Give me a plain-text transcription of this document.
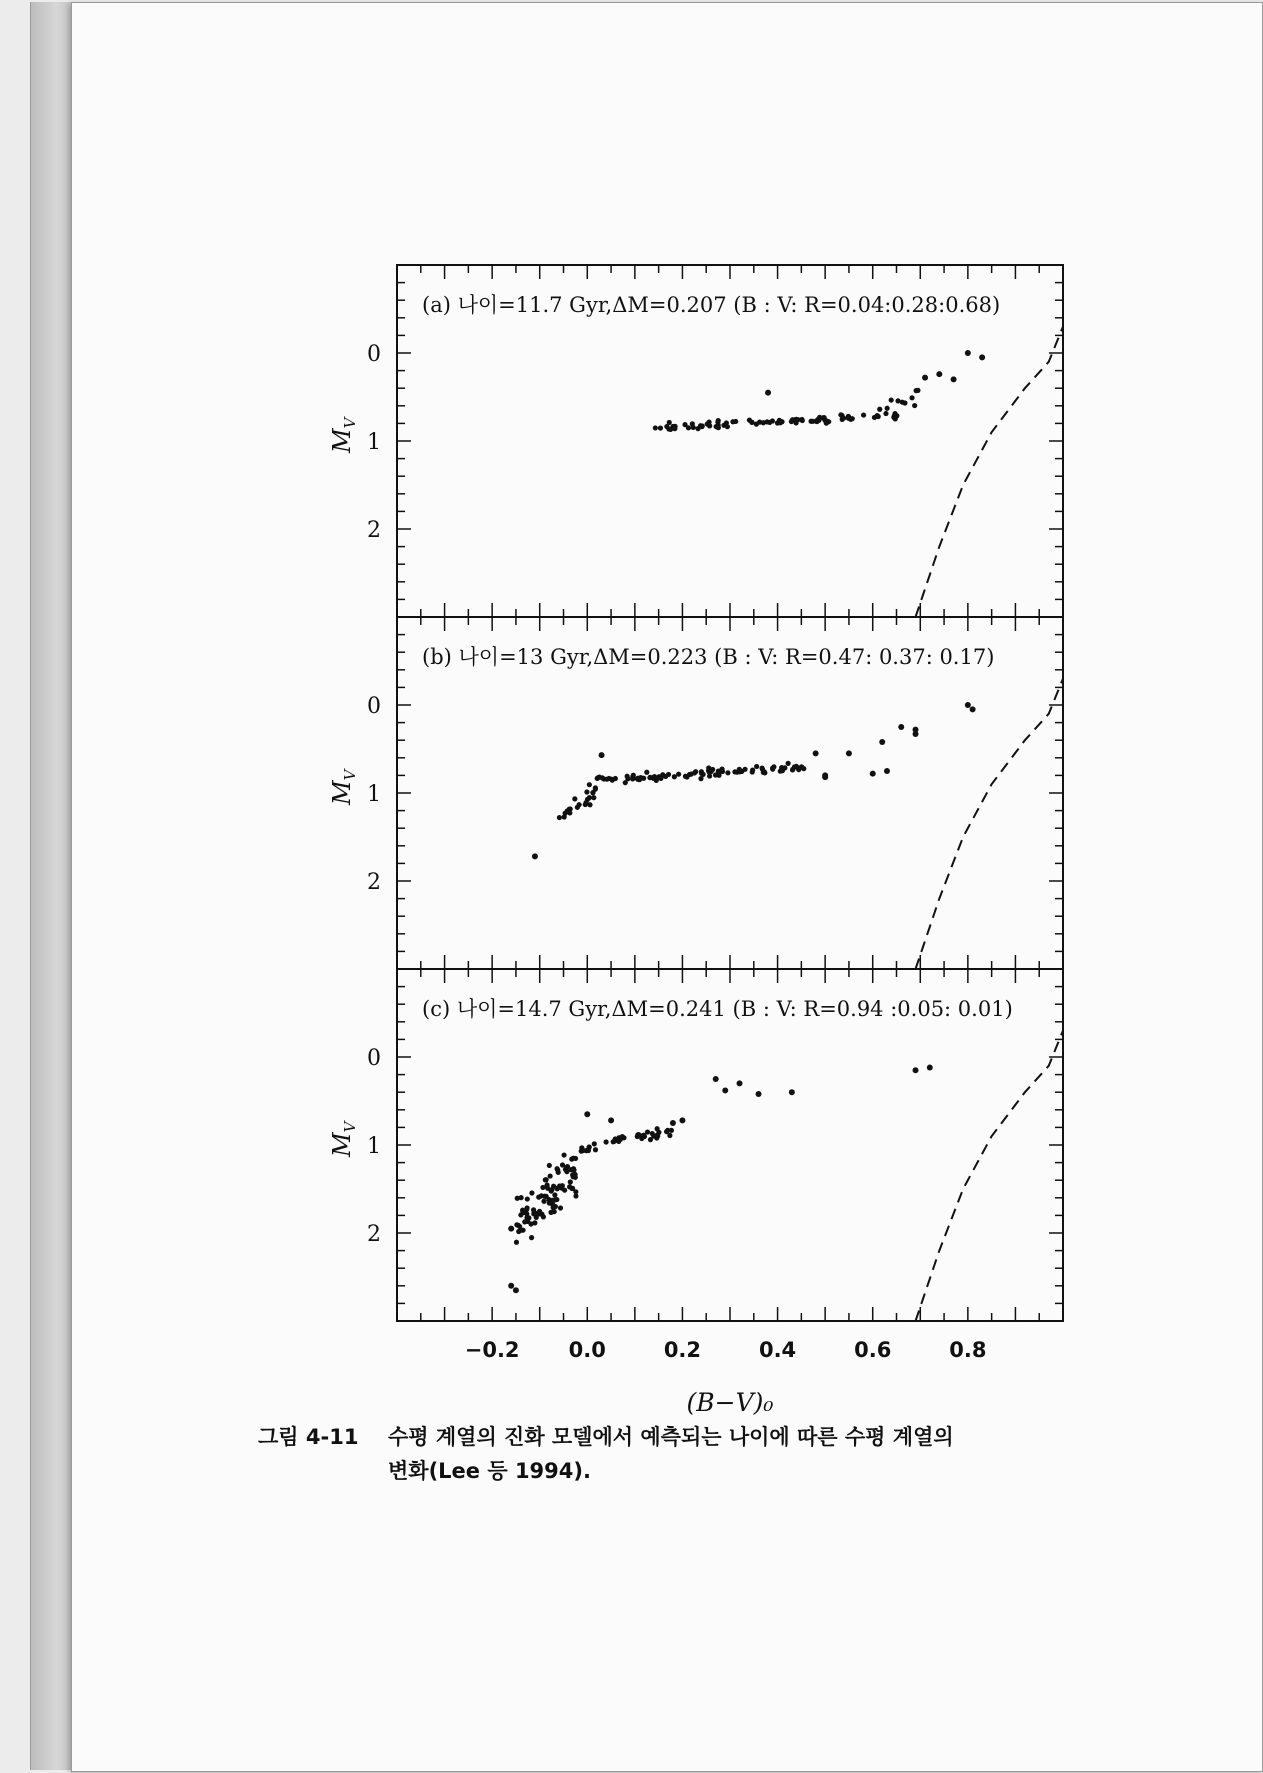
0
1
2
$M_V$
(a) 나이=11.7 Gyr,ΔM=0.207 (B : V: R=0.04:0.28:0.68)
0
1
2
$M_V$
(b) 나이=13 Gyr,ΔM=0.223 (B : V: R=0.47: 0.37: 0.17)
0
1
2
$M_V$
(c) 나이=14.7 Gyr,ΔM=0.241 (B : V: R=0.94 :0.05: 0.01)
−0.2 0.0	0.2	0.4	0.6	0.8
(B−V)₀
그림 4-11 수평 계열의 진화 모델에서 예측되는 나이에 따른 수평 계열의
변화(Lee 등 1994).
